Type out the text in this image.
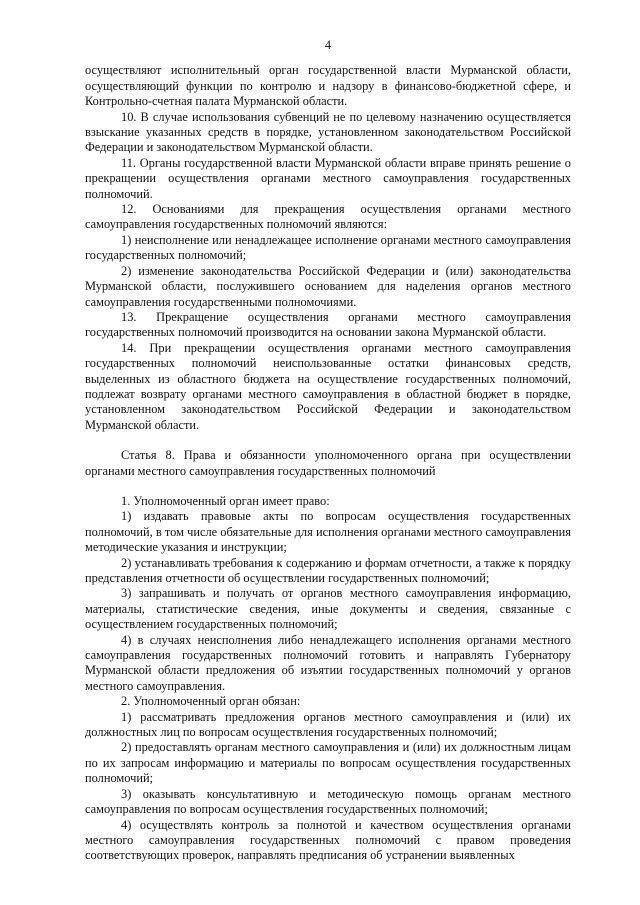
4

осуществляют исполнительный орган государственной власти Мурманской области, осуществляющий функции по контролю и надзору в финансово-бюджетной сфере, и Контрольно-счетная палата Мурманской области.

10. В случае использования субвенций не по целевому назначению осуществляется взыскание указанных средств в порядке, установленном законодательством Российской Федерации и законодательством Мурманской области.

11. Органы государственной власти Мурманской области вправе принять решение о прекращении осуществления органами местного самоуправления государственных полномочий.

12. Основаниями для прекращения осуществления органами местного самоуправления государственных полномочий являются:

1) неисполнение или ненадлежащее исполнение органами местного самоуправления государственных полномочий;

2) изменение законодательства Российской Федерации и (или) законодательства Мурманской области, послужившего основанием для наделения органов местного самоуправления государственными полномочиями.

13. Прекращение осуществления органами местного самоуправления государственных полномочий производится на основании закона Мурманской области.

14. При прекращении осуществления органами местного самоуправления государственных полномочий неиспользованные остатки финансовых средств, выделенных из областного бюджета на осуществление государственных полномочий, подлежат возврату органами местного самоуправления в областной бюджет в порядке, установленном законодательством Российской Федерации и законодательством Мурманской области.

Статья 8. Права и обязанности уполномоченного органа при осуществлении органами местного самоуправления государственных полномочий

1. Уполномоченный орган имеет право:

1) издавать правовые акты по вопросам осуществления государственных полномочий, в том числе обязательные для исполнения органами местного самоуправления методические указания и инструкции;

2) устанавливать требования к содержанию и формам отчетности, а также к порядку представления отчетности об осуществлении государственных полномочий;

3) запрашивать и получать от органов местного самоуправления информацию, материалы, статистические сведения, иные документы и сведения, связанные с осуществлением государственных полномочий;

4) в случаях неисполнения либо ненадлежащего исполнения органами местного самоуправления государственных полномочий готовить и направлять Губернатору Мурманской области предложения об изъятии государственных полномочий у органов местного самоуправления.

2. Уполномоченный орган обязан:

1) рассматривать предложения органов местного самоуправления и (или) их должностных лиц по вопросам осуществления государственных полномочий;

2) предоставлять органам местного самоуправления и (или) их должностным лицам по их запросам информацию и материалы по вопросам осуществления государственных полномочий;

3) оказывать консультативную и методическую помощь органам местного самоуправления по вопросам осуществления государственных полномочий;

4) осуществлять контроль за полнотой и качеством осуществления органами местного самоуправления государственных полномочий с правом проведения соответствующих проверок, направлять предписания об устранении выявленных
